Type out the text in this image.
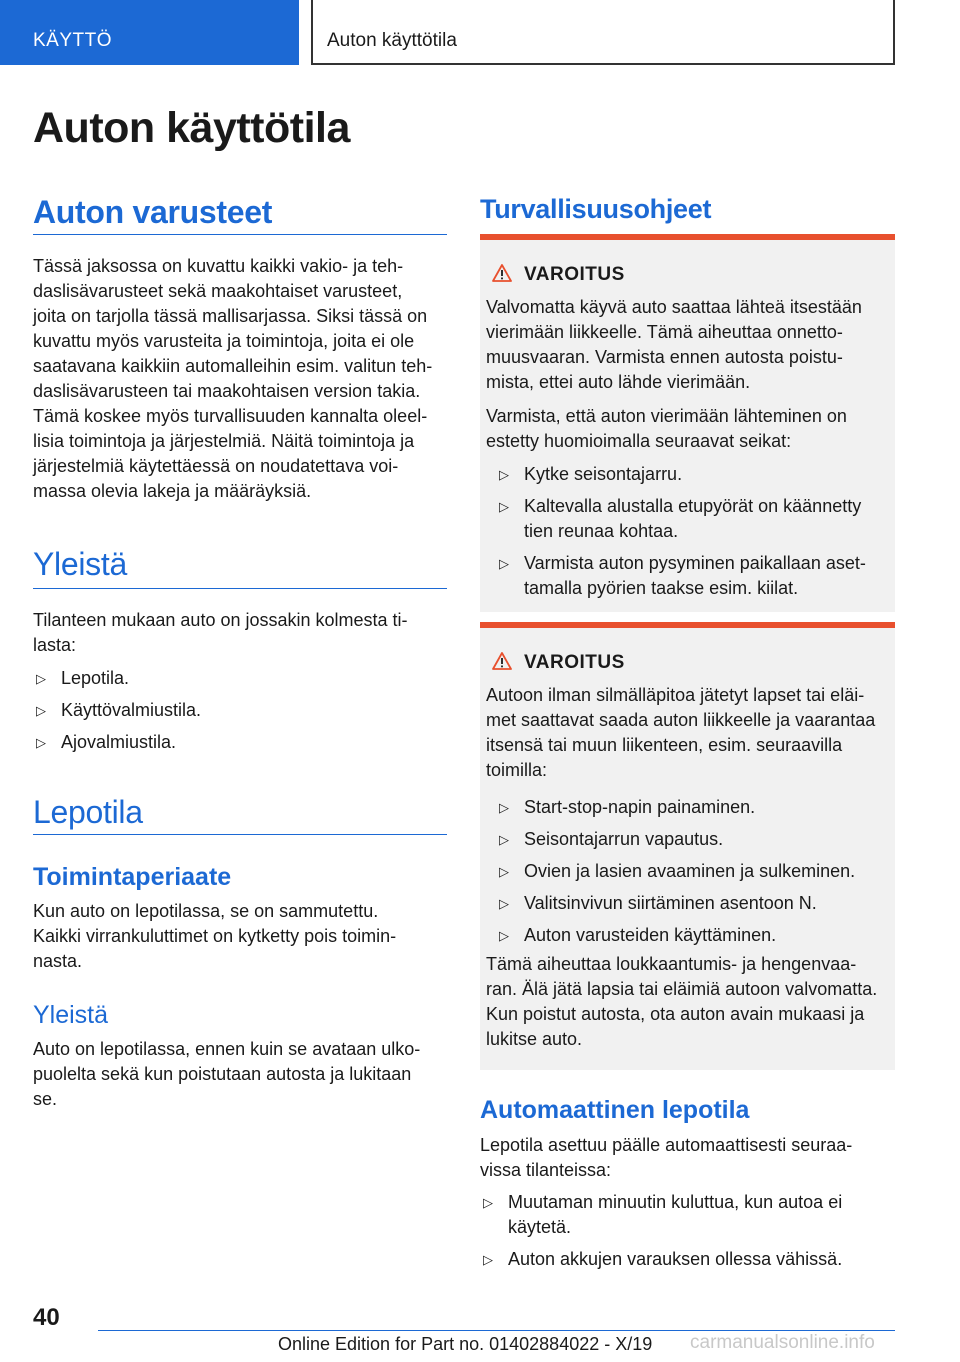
KÄYTTÖ	Auton käyttötila
Auton käyttötila
Auton varusteet
Tässä jaksossa on kuvattu kaikki vakio- ja teh-
daslisävarusteet sekä maakohtaiset varusteet,
joita on tarjolla tässä mallisarjassa. Siksi tässä on
kuvattu myös varusteita ja toimintoja, joita ei ole
saatavana kaikkiin automalleihin esim. valitun teh-
daslisävarusteen tai maakohtaisen version takia.
Tämä koskee myös turvallisuuden kannalta oleel-
lisia toimintoja ja järjestelmiä. Näitä toimintoja ja
järjestelmiä käytettäessä on noudatettava voi-
massa olevia lakeja ja määräyksiä.
Yleistä
Tilanteen mukaan auto on jossakin kolmesta ti-
lasta:
▷ Lepotila.
▷ Käyttövalmiustila.
▷ Ajovalmiustila.
Lepotila
Toimintaperiaate
Kun auto on lepotilassa, se on sammutettu.
Kaikki virrankuluttimet on kytketty pois toimin-
nasta.
Yleistä
Auto on lepotilassa, ennen kuin se avataan ulko-
puolelta sekä kun poistutaan autosta ja lukitaan
se.
Turvallisuusohjeet
VAROITUS
Valvomatta käyvä auto saattaa lähteä itsestään
vierimään liikkeelle. Tämä aiheuttaa onnetto-
muusvaaran. Varmista ennen autosta poistu-
mista, ettei auto lähde vierimään.
Varmista, että auton vierimään lähteminen on
estetty huomioimalla seuraavat seikat:
▷ Kytke seisontajarru.
▷ Kaltevalla alustalla etupyörät on käännetty
tien reunaa kohtaa.
▷ Varmista auton pysyminen paikallaan aset-
tamalla pyörien taakse esim. kiilat.
VAROITUS
Autoon ilman silmälläpitoa jätetyt lapset tai eläi-
met saattavat saada auton liikkeelle ja vaarantaa
itsensä tai muun liikenteen, esim. seuraavilla
toimilla:
▷ Start-stop-napin painaminen.
▷ Seisontajarrun vapautus.
▷ Ovien ja lasien avaaminen ja sulkeminen.
▷ Valitsinvivun siirtäminen asentoon N.
▷ Auton varusteiden käyttäminen.
Tämä aiheuttaa loukkaantumis- ja hengenvaa-
ran. Älä jätä lapsia tai eläimiä autoon valvomatta.
Kun poistut autosta, ota auton avain mukaasi ja
lukitse auto.
Automaattinen lepotila
Lepotila asettuu päälle automaattisesti seuraa-
vissa tilanteissa:
▷ Muutaman minuutin kuluttua, kun autoa ei
käytetä.
▷ Auton akkujen varauksen ollessa vähissä.
40
Online Edition for Part no. 01402884022 - X/19 carmanualsonline.info
